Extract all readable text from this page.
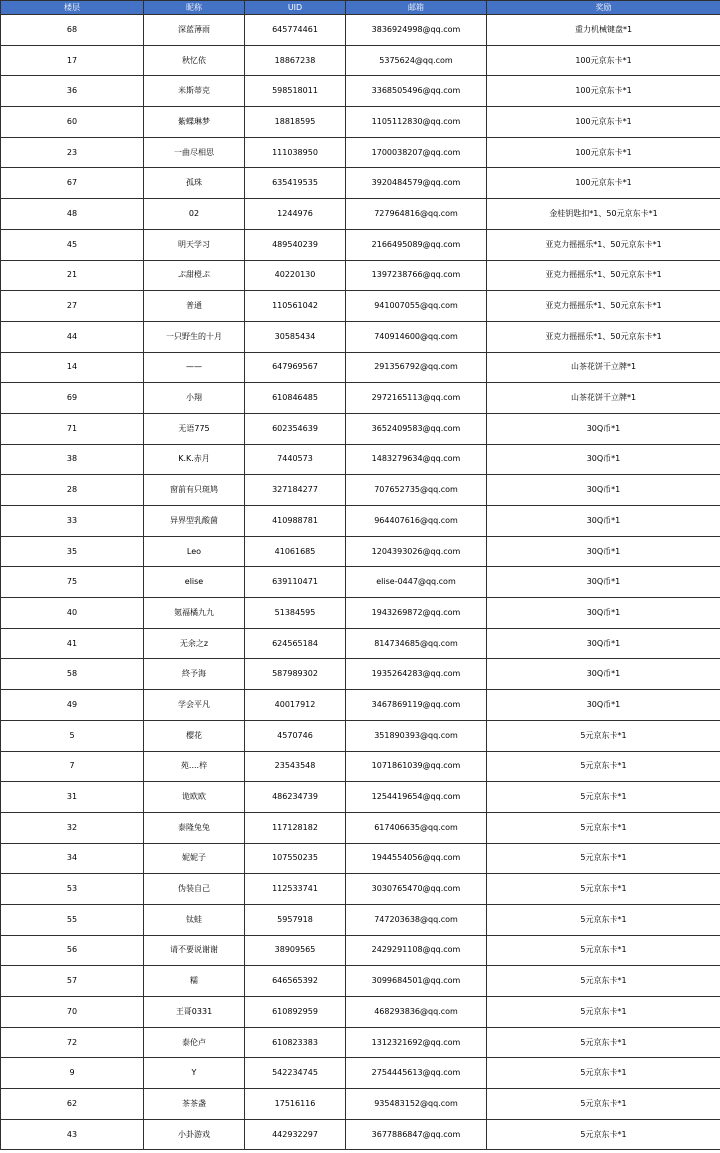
楼层	昵称	UID	邮箱	奖励
68	深蓝薄雨	645774461	3836924998@qq.com	重力机械键盘*1
17	秋忆依	18867238	5375624@qq.com	100元京东卡*1
36	米斯蒂克	598518011	3368505496@qq.com	100元京东卡*1
60	紫蝶琳梦	18818595	1105112830@qq.com	100元京东卡*1
23	一曲尽相思	111038950	1700038207@qq.com	100元京东卡*1
67	孤珠	635419535	3920484579@qq.com	100元京东卡*1
48	02	1244976	727964816@qq.com	金桂钥匙扣*1、50元京东卡*1
45	明天学习	489540239	2166495089@qq.com	亚克力摇摇乐*1、50元京东卡*1
21	ぷ甜橙ぷ	40220130	1397238766@qq.com	亚克力摇摇乐*1、50元京东卡*1
27	普通	110561042	941007055@qq.com	亚克力摇摇乐*1、50元京东卡*1
44	一只野生的十月	30585434	740914600@qq.com	亚克力摇摇乐*1、50元京东卡*1
14	——	647969567	291356792@qq.com	山茶花饼干立牌*1
69	小翔	610846485	2972165113@qq.com	山茶花饼干立牌*1
71	无语775	602354639	3652409583@qq.com	30Q币*1
38	K.K.赤月	7440573	1483279634@qq.com	30Q币*1
28	窗前有只斑鸠	327184277	707652735@qq.com	30Q币*1
33	异界型乳酸菌	410988781	964407616@qq.com	30Q币*1
35	Leo	41061685	1204393026@qq.com	30Q币*1
75	elise	639110471	elise-0447@qq.com	30Q币*1
40	氪福橘九九	51384595	1943269872@qq.com	30Q币*1
41	无余之z	624565184	814734685@qq.com	30Q币*1
58	終予海	587989302	1935264283@qq.com	30Q币*1
49	学会平凡	40017912	3467869119@qq.com	30Q币*1
5	樱花	4570746	351890393@qq.com	5元京东卡*1
7	苑....梓	23543548	1071861039@qq.com	5元京东卡*1
31	诡欧欧	486234739	1254419654@qq.com	5元京东卡*1
32	泰隆兔兔	117128182	617406635@qq.com	5元京东卡*1
34	妮妮子	107550235	1944554056@qq.com	5元京东卡*1
53	伪装自己	112533741	3030765470@qq.com	5元京东卡*1
55	钛蛙	5957918	747203638@qq.com	5元京东卡*1
56	请不要说谢谢	38909565	2429291108@qq.com	5元京东卡*1
57	糯	646565392	3099684501@qq.com	5元京东卡*1
70	王哥0331	610892959	468293836@qq.com	5元京东卡*1
72	泰伦卢	610823383	1312321692@qq.com	5元京东卡*1
9	Y	542234745	2754445613@qq.com	5元京东卡*1
62	茶茶盏	17516116	935483152@qq.com	5元京东卡*1
43	小卦游戏	442932297	3677886847@qq.com	5元京东卡*1
